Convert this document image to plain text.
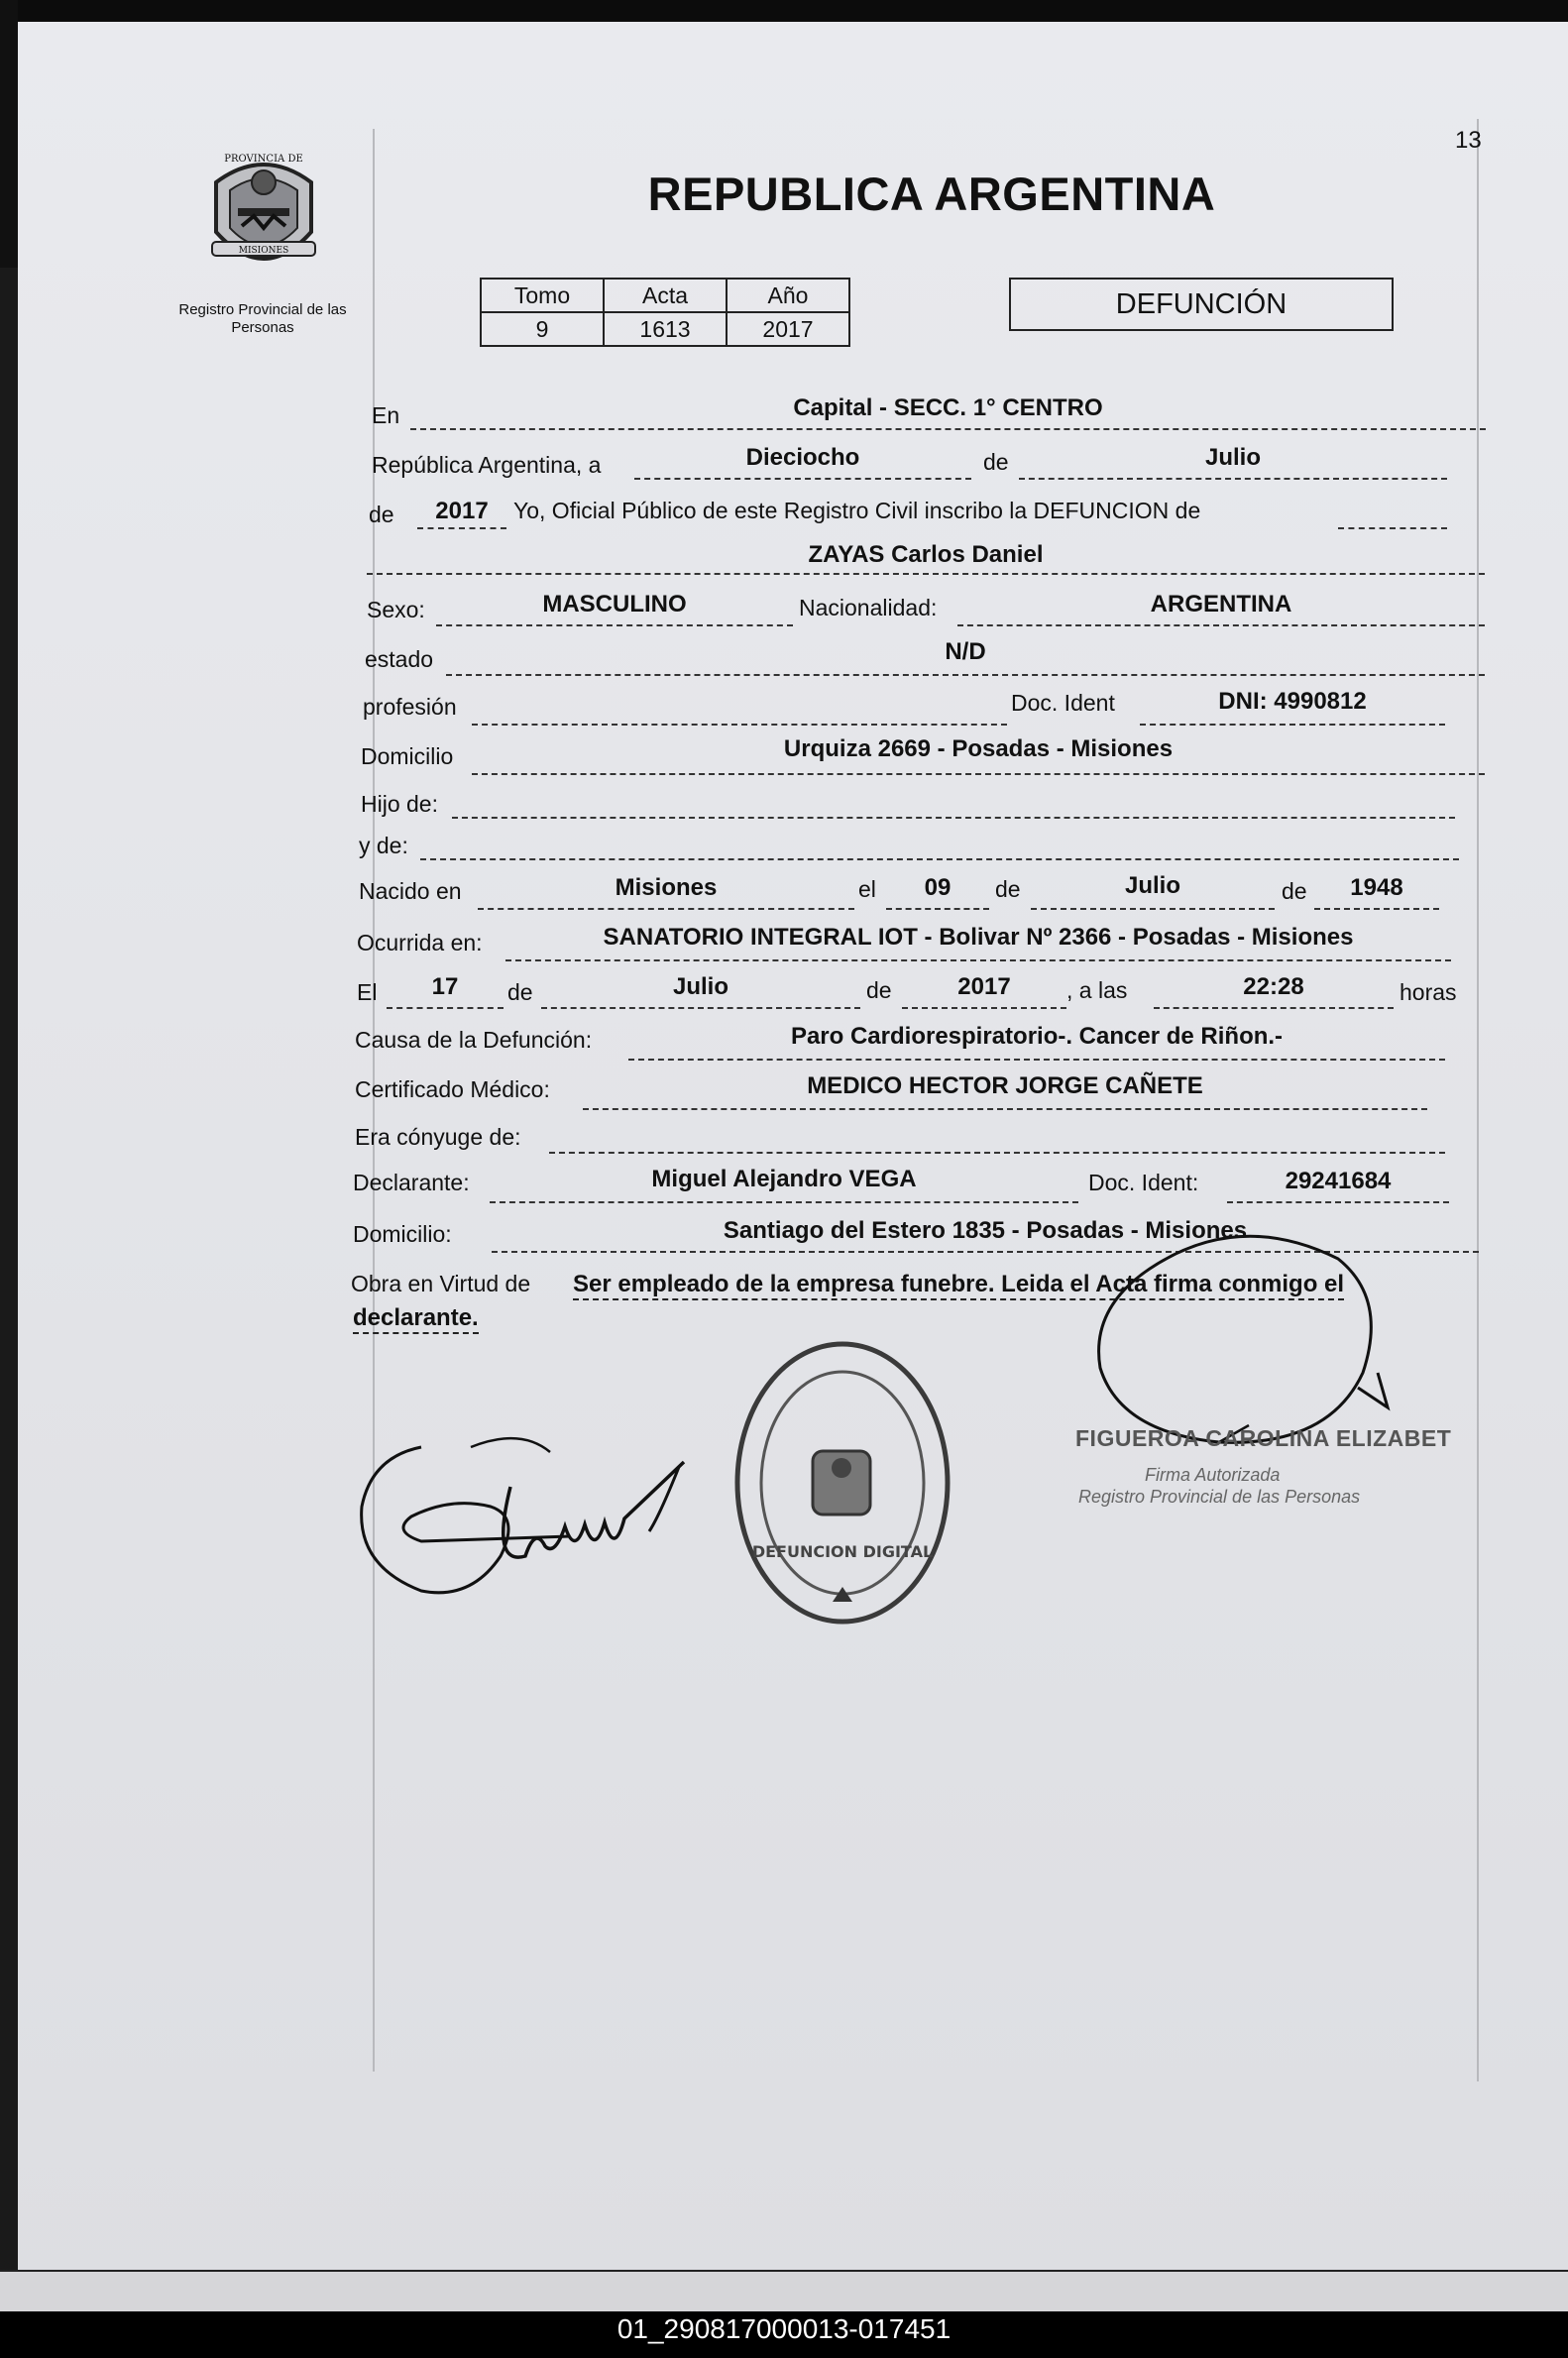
13
PROVINCIA DE
MISIONES
Registro Provincial de las Personas
REPUBLICA ARGENTINA
Tomo	Acta	Año
9	1613	2017
DEFUNCIÓN
En	Capital - SECC. 1° CENTRO
República Argentina, a	Dieciocho	de	Julio
de	2017	Yo, Oficial Público de este Registro Civil inscribo la DEFUNCION de
ZAYAS Carlos Daniel
Sexo:	MASCULINO	Nacionalidad:	ARGENTINA
estado	N/D
profesión	Doc. Ident	DNI: 4990812
Domicilio	Urquiza 2669 - Posadas - Misiones
Hijo de:
y de:
Nacido en	Misiones	el	09	de	Julio	de	1948
Ocurrida en:	SANATORIO INTEGRAL IOT - Bolivar Nº 2366 - Posadas - Misiones
El	17	de	Julio	de	2017	, a las	22:28	horas
Causa de la Defunción:	Paro Cardiorespiratorio-. Cancer de Riñon.-
Certificado Médico:	MEDICO HECTOR JORGE CAÑETE
Era cónyuge de:
Declarante:	Miguel Alejandro VEGA	Doc. Ident:	29241684
Domicilio:	Santiago del Estero 1835 - Posadas - Misiones
Obra en Virtud de Ser empleado de la empresa funebre. Leida el Acta firma conmigo el
declarante.
DEFUNCION DIGITAL
FIGUEROA CAROLINA ELIZABET
Firma Autorizada
Registro Provincial de las Personas
01_290817000013-017451
